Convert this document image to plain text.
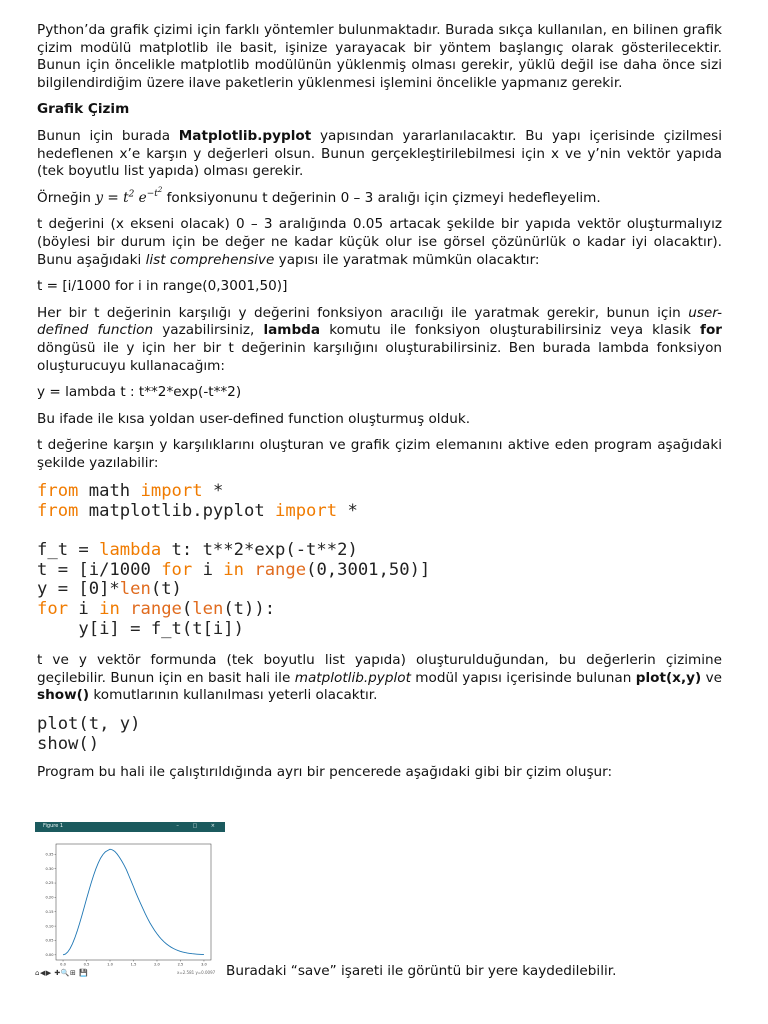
Python’da grafik çizimi için farklı yöntemler bulunmaktadır. Burada sıkça kullanılan, en bilinen grafik çizim modülü matplotlib ile basit, işinize yarayacak bir yöntem başlangıç olarak gösterilecektir. Bunun için öncelikle matplotlib modülünün yüklenmiş olması gerekir, yüklü değil ise daha önce sizi bilgilendirdiğim üzere ilave paketlerin yüklenmesi işlemini öncelikle yapmanız gerekir.

Grafik Çizim

Bunun için burada Matplotlib.pyplot yapısından yararlanılacaktır. Bu yapı içerisinde çizilmesi hedeflenen x’e karşın y değerleri olsun. Bunun gerçekleştirilebilmesi için x ve y’nin vektör yapıda (tek boyutlu list yapıda) olması gerekir.

Örneğin $y = t^2$ $e^{-t^2}$ fonksiyonunu t değerinin 0 – 3 aralığı için çizmeyi hedefleyelim.

t değerini (x ekseni olacak) 0 – 3 aralığında 0.05 artacak şekilde bir yapıda vektör oluşturmalıyız (böylesi bir durum için be değer ne kadar küçük olur ise görsel çözünürlük o kadar iyi olacaktır). Bunu aşağıdaki list comprehensive yapısı ile yaratmak mümkün olacaktır:

t = [i/1000 for i in range(0,3001,50)]

Her bir t değerinin karşılığı y değerini fonksiyon aracılığı ile yaratmak gerekir, bunun için user-defined function yazabilirsiniz, lambda komutu ile fonksiyon oluşturabilirsiniz veya klasik for döngüsü ile y için her bir t değerinin karşılığını oluşturabilirsiniz. Ben burada lambda fonksiyon oluşturucuyu kullanacağım:

y = lambda t : t**2*exp(-t**2)

Bu ifade ile kısa yoldan user-defined function oluşturmuş olduk.

t değerine karşın y karşılıklarını oluşturan ve grafik çizim elemanını aktive eden program aşağıdaki şekilde yazılabilir:

from math import *
from matplotlib.pyplot import *
f_t = lambda t: t**2*exp(-t**2)
t = [i/1000 for i in range(0,3001,50)]
y = [0]*len(t)
for i in range(len(t)):
y[i] = f_t(t[i])

t ve y vektör formunda (tek boyutlu list yapıda) oluşturulduğundan, bu değerlerin çizimine geçilebilir. Bunun için en basit hali ile matplotlib.pyplot modül yapısı içerisinde bulunan plot(x,y) ve show() komutlarının kullanılması yeterli olacaktır.

plot(t, y)
show()

Program bu hali ile çalıştırıldığında ayrı bir pencerede aşağıdaki gibi bir çizim oluşur:

Figure 1	– □ ×
0.0	0.5	1.0	1.5	2.0	2.5	3.0
0.00
0.05
0.10
0.15
0.20
0.25
0.30
0.35
⌂◀▶ ✚🔍⊞ 💾	x=2.581 y=0.0097 Buradaki “save” işareti ile görüntü bir yere kaydedilebilir.
